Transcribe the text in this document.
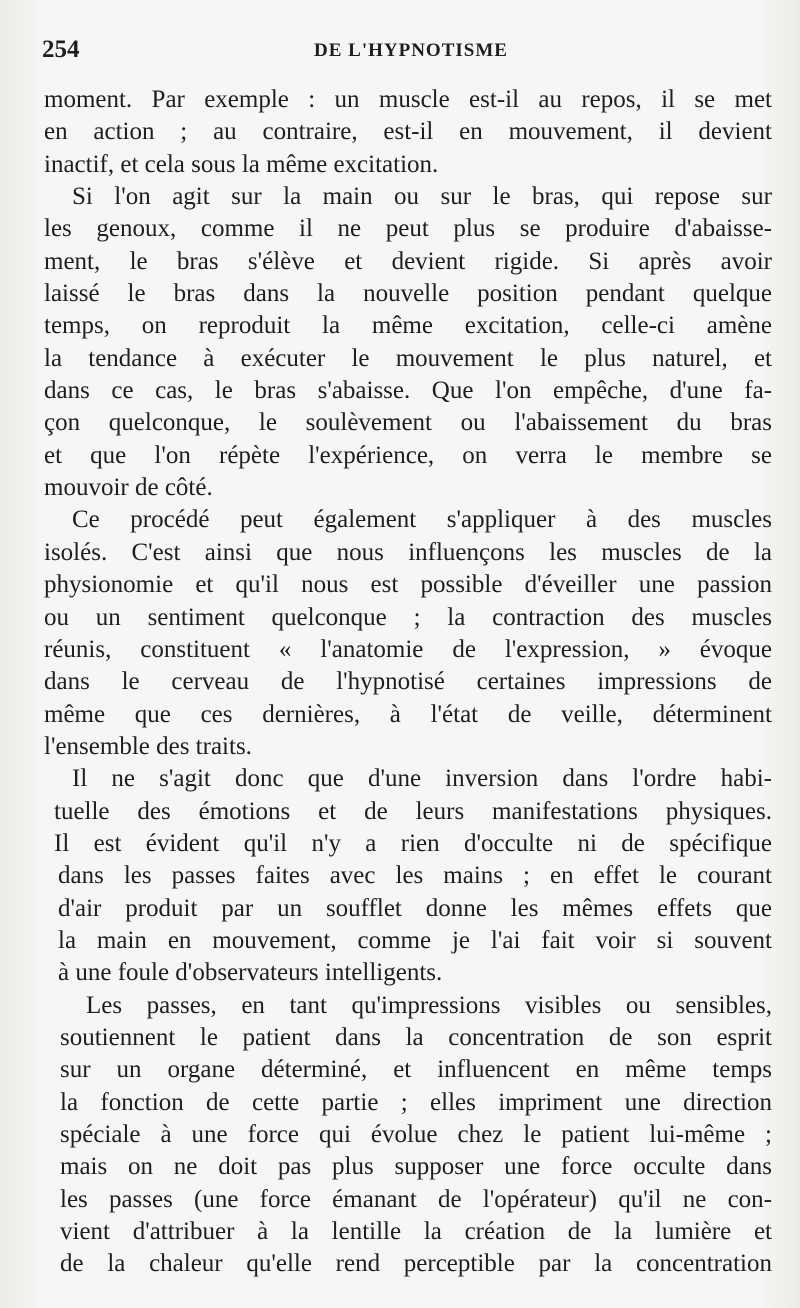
254	DE L'HYPNOTISME
moment. Par exemple : un muscle est-il au repos, il se met
en action ; au contraire, est-il en mouvement, il devient
inactif, et cela sous la même excitation.
Si l'on agit sur la main ou sur le bras, qui repose sur
les genoux, comme il ne peut plus se produire d'abaisse-
ment, le bras s'élève et devient rigide. Si après avoir
laissé le bras dans la nouvelle position pendant quelque
temps, on reproduit la même excitation, celle-ci amène
la tendance à exécuter le mouvement le plus naturel, et
dans ce cas, le bras s'abaisse. Que l'on empêche, d'une fa-
çon quelconque, le soulèvement ou l'abaissement du bras
et que l'on répète l'expérience, on verra le membre se
mouvoir de côté.
Ce procédé peut également s'appliquer à des muscles
isolés. C'est ainsi que nous influençons les muscles de la
physionomie et qu'il nous est possible d'éveiller une passion
ou un sentiment quelconque ; la contraction des muscles
réunis, constituent « l'anatomie de l'expression, » évoque
dans le cerveau de l'hypnotisé certaines impressions de
même que ces dernières, à l'état de veille, déterminent
l'ensemble des traits.
Il ne s'agit donc que d'une inversion dans l'ordre habi-
tuelle des émotions et de leurs manifestations physiques.
Il est évident qu'il n'y a rien d'occulte ni de spécifique
dans les passes faites avec les mains ; en effet le courant
d'air produit par un soufflet donne les mêmes effets que
la main en mouvement, comme je l'ai fait voir si souvent
à une foule d'observateurs intelligents.
Les passes, en tant qu'impressions visibles ou sensibles,
soutiennent le patient dans la concentration de son esprit
sur un organe déterminé, et influencent en même temps
la fonction de cette partie ; elles impriment une direction
spéciale à une force qui évolue chez le patient lui-même ;
mais on ne doit pas plus supposer une force occulte dans
les passes (une force émanant de l'opérateur) qu'il ne con-
vient d'attribuer à la lentille la création de la lumière et
de la chaleur qu'elle rend perceptible par la concentration
